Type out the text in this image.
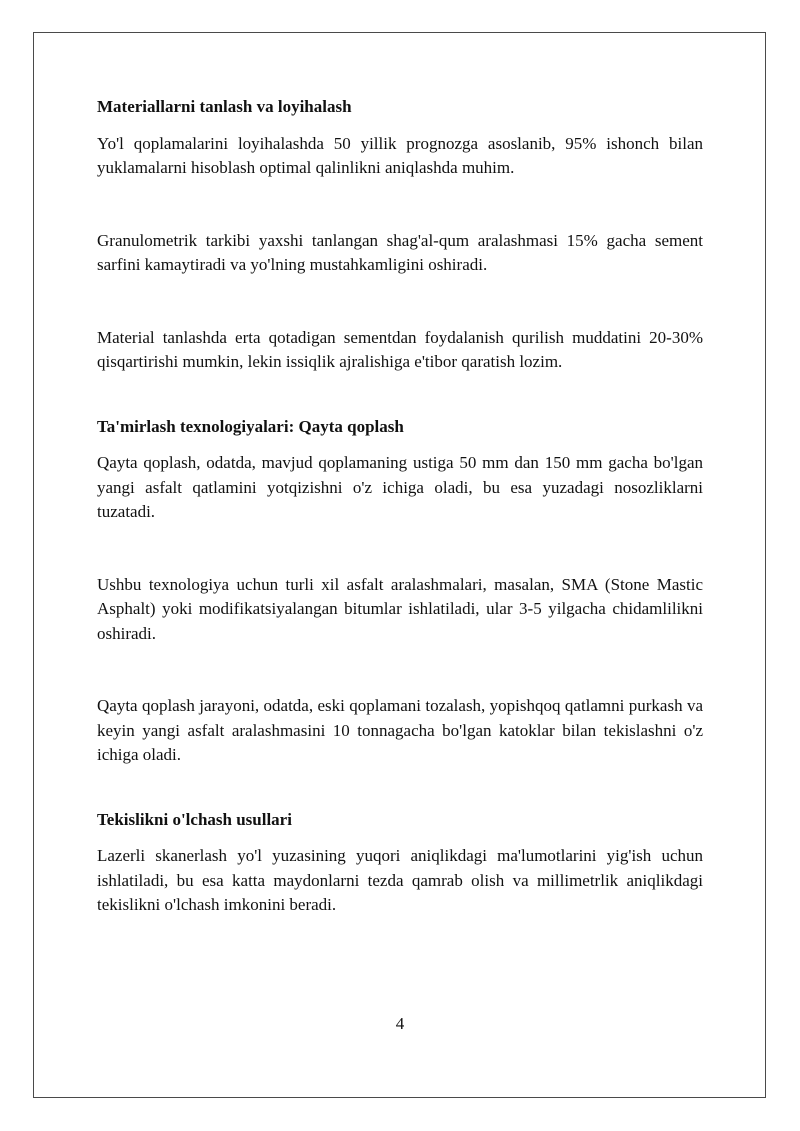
Materiallarni tanlash va loyihalash

Yo'l qoplamalarini loyihalashda 50 yillik prognozga asoslanib, 95% ishonch bilan yuklamalarni hisoblash optimal qalinlikni aniqlashda muhim.

Granulometrik tarkibi yaxshi tanlangan shag'al-qum aralashmasi 15% gacha sement sarfini kamaytiradi va yo'lning mustahkamligini oshiradi.

Material tanlashda erta qotadigan sementdan foydalanish qurilish muddatini 20-30% qisqartirishi mumkin, lekin issiqlik ajralishiga e'tibor qaratish lozim.

Ta'mirlash texnologiyalari: Qayta qoplash

Qayta qoplash, odatda, mavjud qoplamaning ustiga 50 mm dan 150 mm gacha bo'lgan yangi asfalt qatlamini yotqizishni o'z ichiga oladi, bu esa yuzadagi nosozliklarni tuzatadi.

Ushbu texnologiya uchun turli xil asfalt aralashmalari, masalan, SMA (Stone Mastic Asphalt) yoki modifikatsiyalangan bitumlar ishlatiladi, ular 3-5 yilgacha chidamlilikni oshiradi.

Qayta qoplash jarayoni, odatda, eski qoplamani tozalash, yopishqoq qatlamni purkash va keyin yangi asfalt aralashmasini 10 tonnagacha bo'lgan katoklar bilan tekislashni o'z ichiga oladi.

Tekislikni o'lchash usullari

Lazerli skanerlash yo'l yuzasining yuqori aniqlikdagi ma'lumotlarini yig'ish uchun ishlatiladi, bu esa katta maydonlarni tezda qamrab olish va millimetrlik aniqlikdagi tekislikni o'lchash imkonini beradi.

4
